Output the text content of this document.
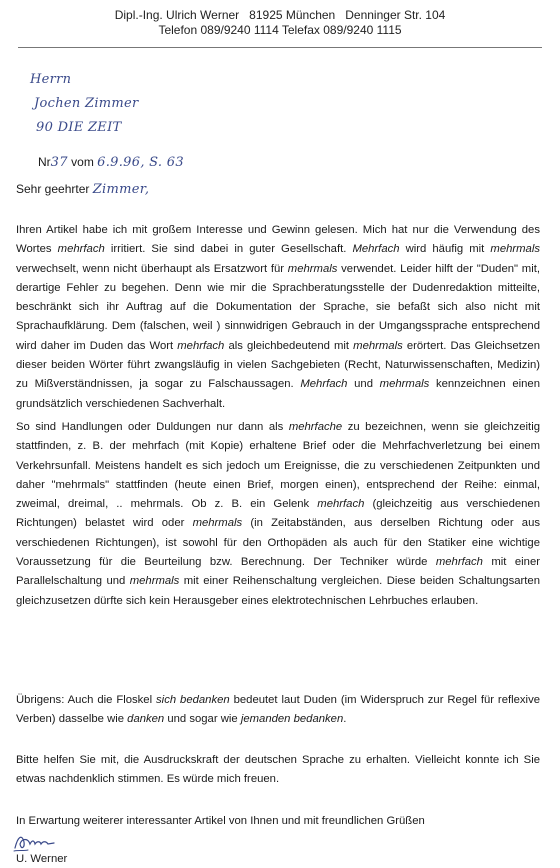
Dipl.-Ing. Ulrich Werner   81925 München   Denninger Str. 104
Telefon 089/9240 1114 Telefax 089/9240 1115
Herrn
Jochen Zimmer
90 DIE ZEIT
Nr37 vom 6.9.96, S. 63
Sehr geehrter Zimmer,
Ihren Artikel habe ich mit großem Interesse und Gewinn gelesen. Mich hat nur die Verwendung des Wortes mehrfach irritiert. Sie sind dabei in guter Gesellschaft. Mehrfach wird häufig mit mehrmals verwechselt, wenn nicht überhaupt als Ersatzwort für mehrmals verwendet. Leider hilft der "Duden" mit, derartige Fehler zu begehen. Denn wie mir die Sprachberatungsstelle der Dudenredaktion mitteilte, beschränkt sich ihr Auftrag auf die Dokumentation der Sprache, sie befaßt sich also nicht mit Sprachaufklärung. Dem (falschen, weil ) sinnwidrigen Gebrauch in der Umgangssprache entsprechend wird daher im Duden das Wort mehrfach als gleichbedeutend mit mehrmals erörtert. Das Gleichsetzen dieser beiden Wörter führt zwangsläufig in vielen Sachgebieten (Recht, Naturwissenschaften, Medizin) zu Mißverständnissen, ja sogar zu Falschaussagen. Mehrfach und mehrmals kennzeichnen einen grundsätzlich verschiedenen Sachverhalt.
So sind Handlungen oder Duldungen nur dann als mehrfache zu bezeichnen, wenn sie gleichzeitig stattfinden, z. B. der mehrfach (mit Kopie) erhaltene Brief oder die Mehrfachverletzung bei einem Verkehrsunfall. Meistens handelt es sich jedoch um Ereignisse, die zu verschiedenen Zeitpunkten und daher "mehrmals" stattfinden (heute einen Brief, morgen einen), entsprechend der Reihe: einmal, zweimal, dreimal, .. mehrmals. Ob z. B. ein Gelenk mehrfach (gleichzeitig aus verschiedenen Richtungen) belastet wird oder mehrmals (in Zeitabständen, aus derselben Richtung oder aus verschiedenen Richtungen), ist sowohl für den Orthopäden als auch für den Statiker eine wichtige Voraussetzung für die Beurteilung bzw. Berechnung. Der Techniker würde mehrfach mit einer Parallelschaltung und mehrmals mit einer Reihenschaltung vergleichen. Diese beiden Schaltungsarten gleichzusetzen dürfte sich kein Herausgeber eines elektrotechnischen Lehrbuches erlauben.
Übrigens: Auch die Floskel sich bedanken bedeutet laut Duden (im Widerspruch zur Regel für reflexive Verben) dasselbe wie danken und sogar wie jemanden bedanken.
Bitte helfen Sie mit, die Ausdruckskraft der deutschen Sprache zu erhalten. Vielleicht konnte ich Sie etwas nachdenklich stimmen. Es würde mich freuen.
In Erwartung weiterer interessanter Artikel von Ihnen und mit freundlichen Grüßen
U. Werner
